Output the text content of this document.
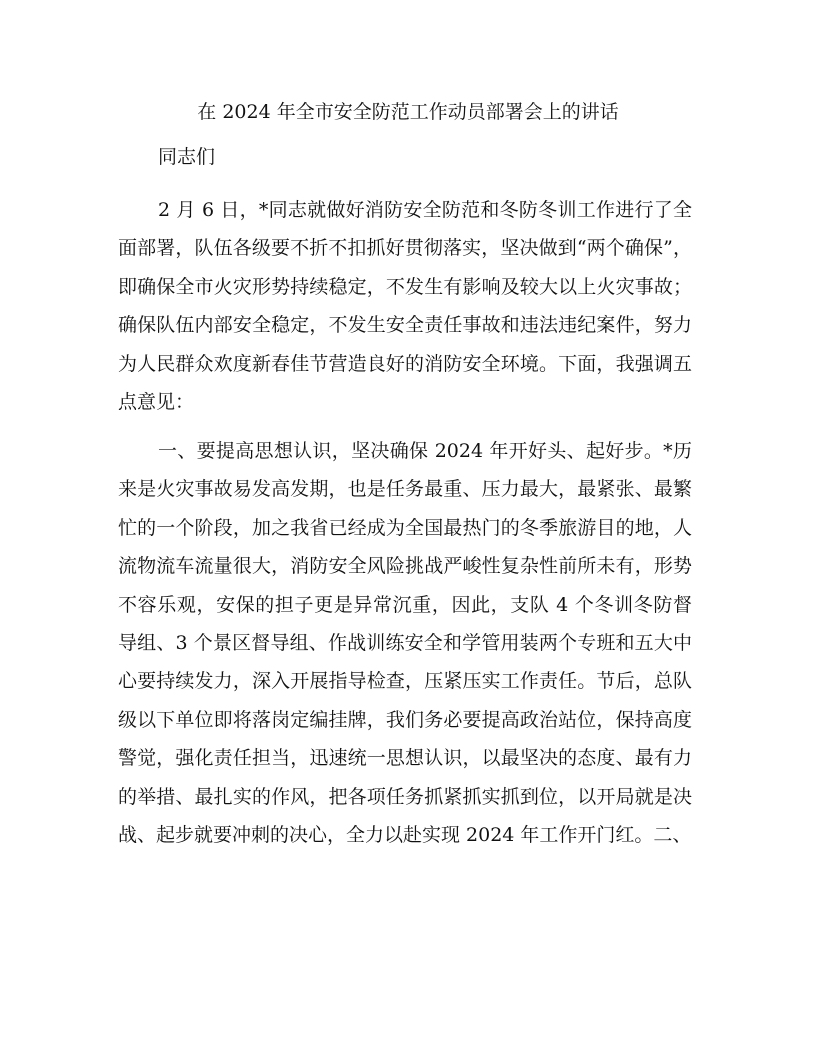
在 2024 年全市安全防范工作动员部署会上的讲话
同志们

2 月 6 日，*同志就做好消防安全防范和冬防冬训工作进行了全面部署，队伍各级要不折不扣抓好贯彻落实，坚决做到“两个确保”，即确保全市火灾形势持续稳定，不发生有影响及较大以上火灾事故；确保队伍内部安全稳定，不发生安全责任事故和违法违纪案件，努力为人民群众欢度新春佳节营造良好的消防安全环境。下面，我强调五点意见：

一、要提高思想认识，坚决确保 2024 年开好头、起好步。*历来是火灾事故易发高发期，也是任务最重、压力最大，最紧张、最繁忙的一个阶段，加之我省已经成为全国最热门的冬季旅游目的地，人流物流车流量很大，消防安全风险挑战严峻性复杂性前所未有，形势不容乐观，安保的担子更是异常沉重，因此，支队 4 个冬训冬防督导组、3 个景区督导组、作战训练安全和学管用装两个专班和五大中心要持续发力，深入开展指导检查，压紧压实工作责任。节后，总队级以下单位即将落岗定编挂牌，我们务必要提高政治站位，保持高度警觉，强化责任担当，迅速统一思想认识，以最坚决的态度、最有力的举措、最扎实的作风，把各项任务抓紧抓实抓到位，以开局就是决战、起步就要冲刺的决心，全力以赴实现 2024 年工作开门红。二、
